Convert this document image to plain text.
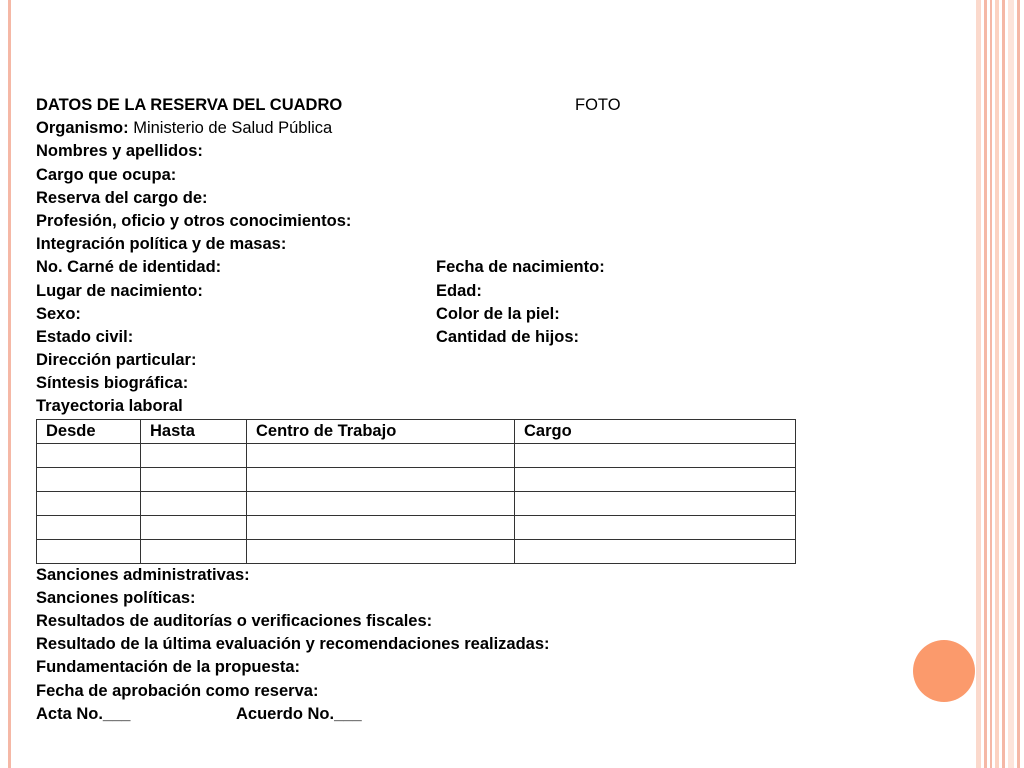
DATOS DE LA RESERVA DEL CUADRO	FOTO
Organismo: Ministerio de Salud Pública
Nombres y apellidos:
Cargo que ocupa:
Reserva del cargo de:
Profesión, oficio y otros conocimientos:
Integración política y de masas:
No. Carné de identidad:	Fecha de nacimiento:
Lugar de nacimiento:	Edad:
Sexo:	Color de la piel:
Estado civil:	Cantidad de hijos:
Dirección particular:
Síntesis biográfica:
Trayectoria laboral
Desde	Hasta	Centro de Trabajo	Cargo

Sanciones administrativas:
Sanciones políticas:
Resultados de auditorías o verificaciones fiscales:
Resultado de la última evaluación y recomendaciones realizadas:
Fundamentación de la propuesta:
Fecha de aprobación como reserva:
Acta No.___	Acuerdo No.___
